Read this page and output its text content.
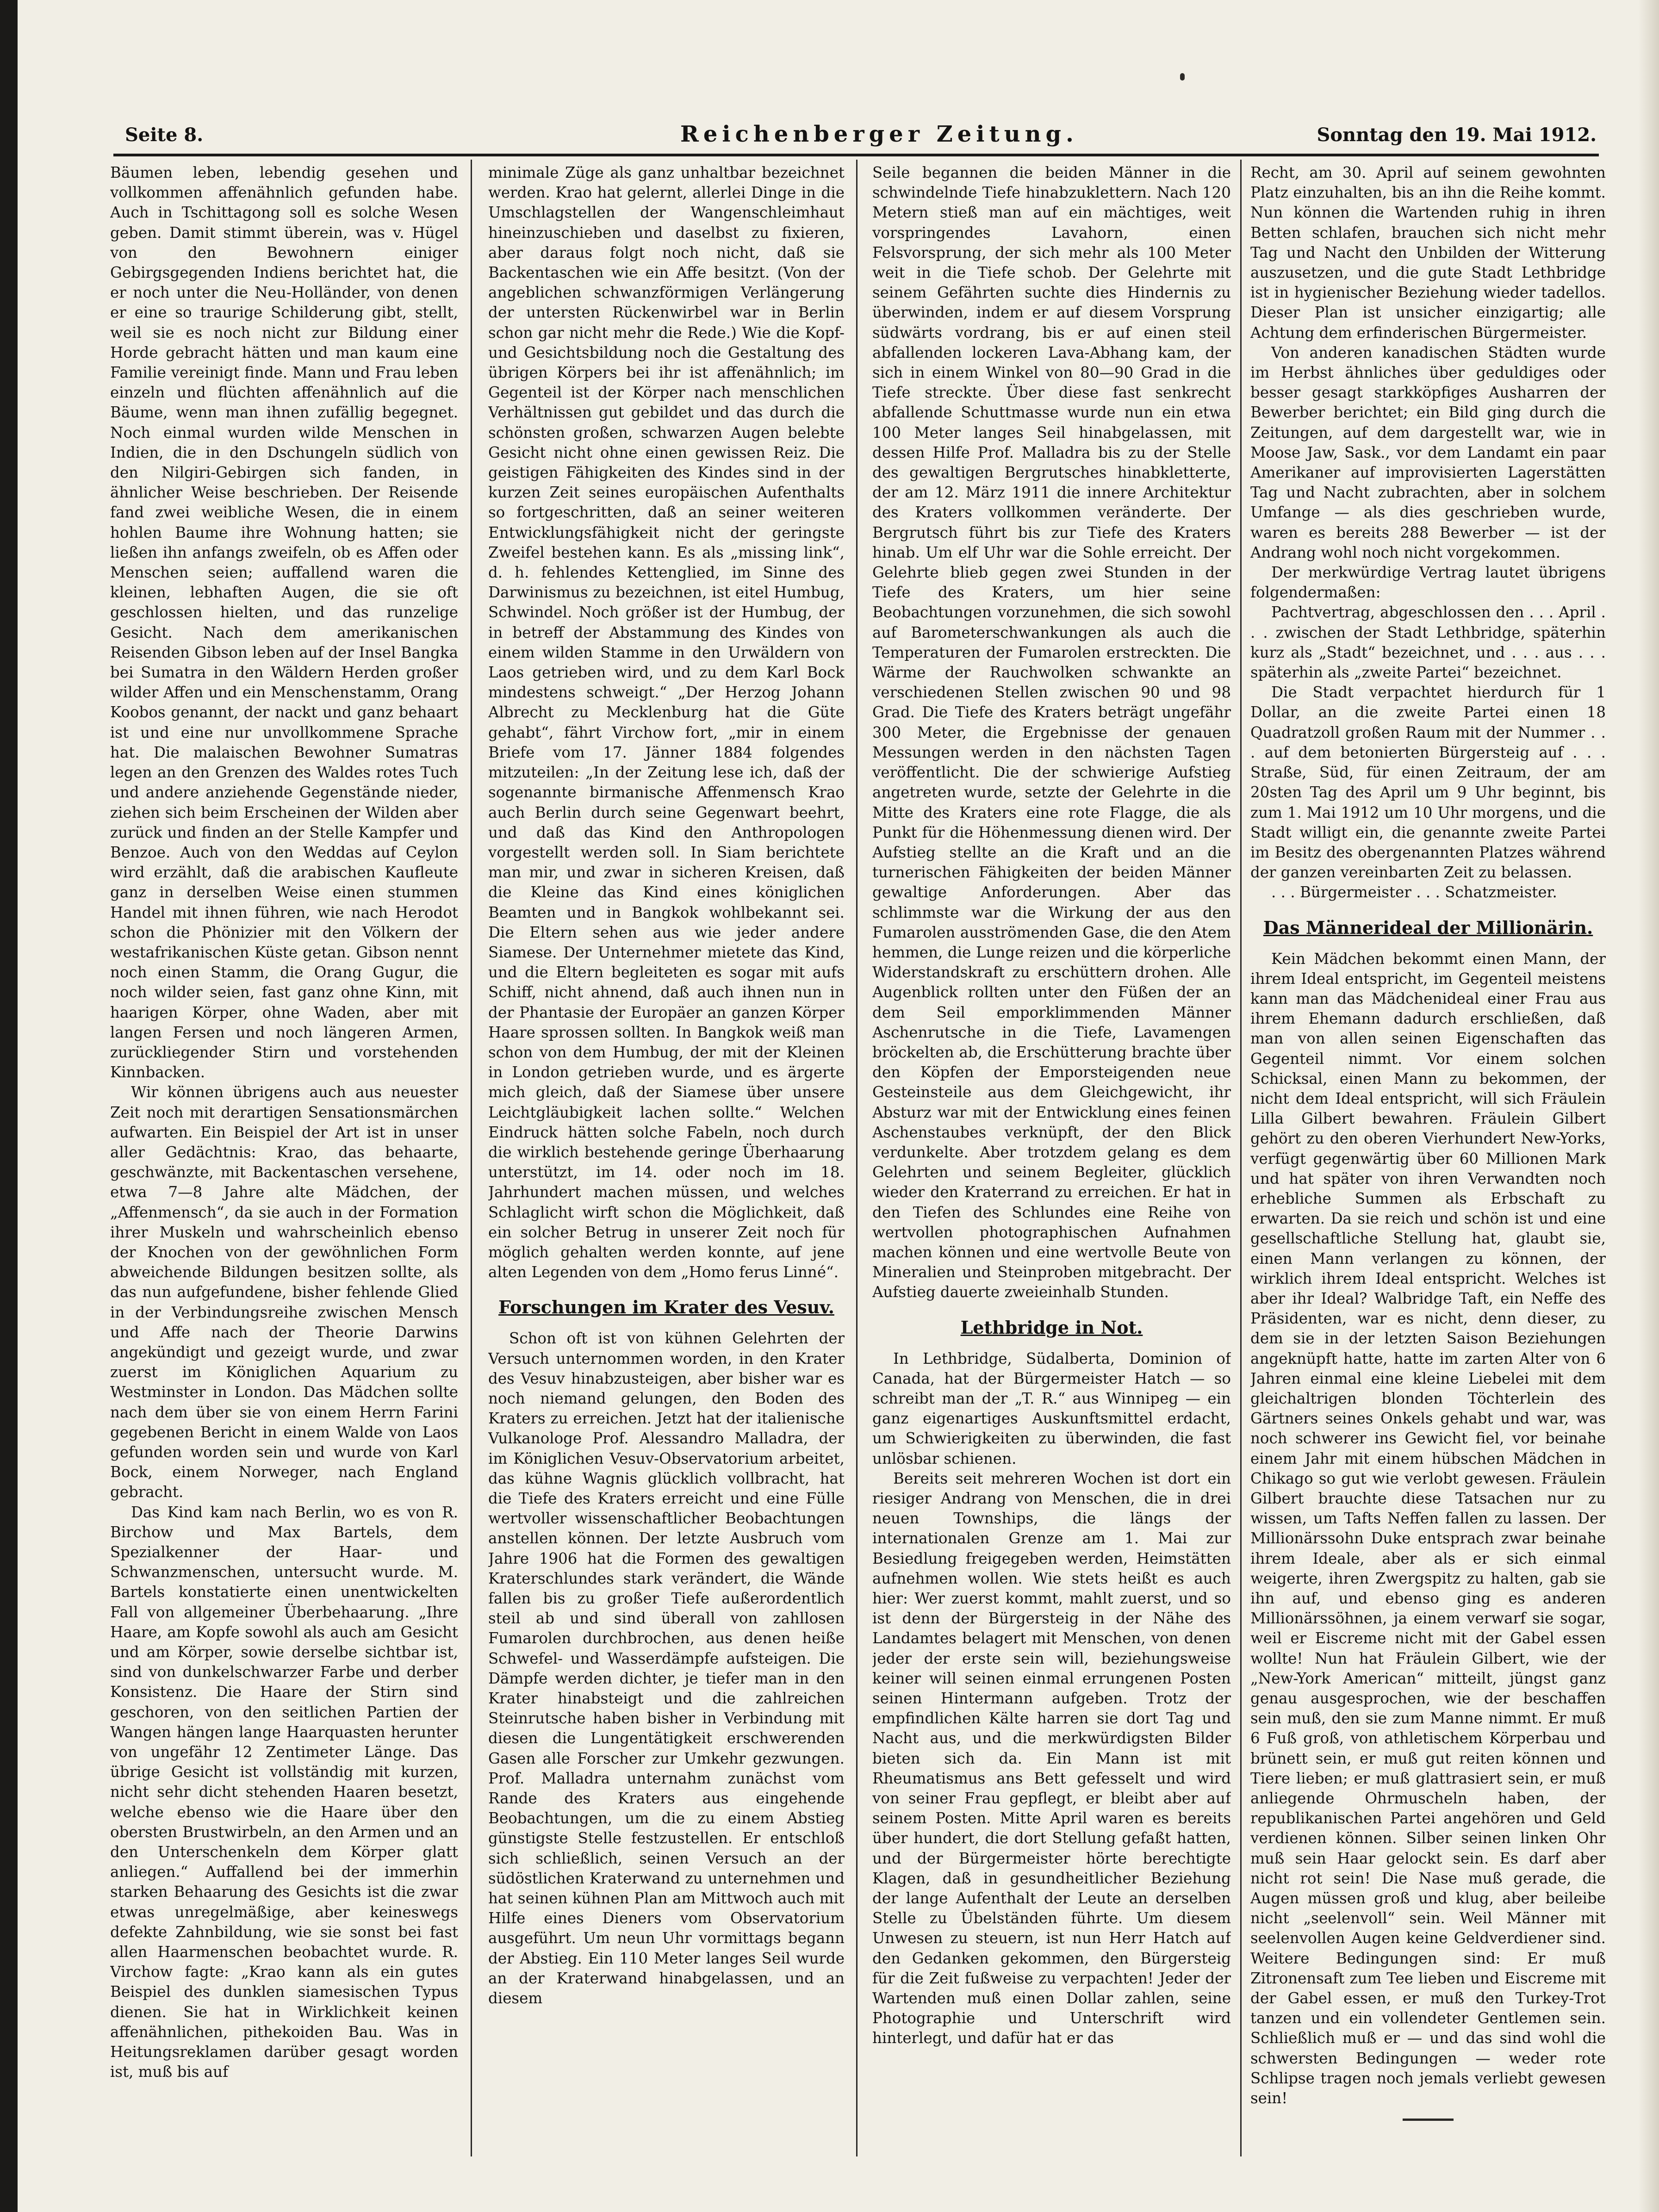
Seite 8.	Reichenberger Zeitung.	Sonntag den 19. Mai 1912.

Bäumen leben, lebendig gesehen und vollkommen affenähnlich gefunden habe. Auch in Tschittagong soll es solche Wesen geben. Damit stimmt überein, was v. Hügel von den Bewohnern einiger Gebirgsgegenden Indiens berichtet hat, die er noch unter die Neu-Holländer, von denen er eine so traurige Schilderung gibt, stellt, weil sie es noch nicht zur Bildung einer Horde gebracht hätten und man kaum eine Familie vereinigt finde. Mann und Frau leben einzeln und flüchten affenähnlich auf die Bäume, wenn man ihnen zufällig begegnet. Noch einmal wurden wilde Menschen in Indien, die in den Dschungeln südlich von den Nilgiri-Gebirgen sich fanden, in ähnlicher Weise beschrieben. Der Reisende fand zwei weibliche Wesen, die in einem hohlen Baume ihre Wohnung hatten; sie ließen ihn anfangs zweifeln, ob es Affen oder Menschen seien; auffallend waren die kleinen, lebhaften Augen, die sie oft geschlossen hielten, und das runzelige Gesicht. Nach dem amerikanischen Reisenden Gibson leben auf der Insel Bangka bei Sumatra in den Wäldern Herden großer wilder Affen und ein Menschenstamm, Orang Koobos genannt, der nackt und ganz behaart ist und eine nur unvollkommene Sprache hat. Die malaischen Bewohner Sumatras legen an den Grenzen des Waldes rotes Tuch und andere anziehende Gegenstände nieder, ziehen sich beim Erscheinen der Wilden aber zurück und finden an der Stelle Kampfer und Benzoe. Auch von den Weddas auf Ceylon wird erzählt, daß die arabischen Kaufleute ganz in derselben Weise einen stummen Handel mit ihnen führen, wie nach Herodot schon die Phönizier mit den Völkern der westafrikanischen Küste getan. Gibson nennt noch einen Stamm, die Orang Gugur, die noch wilder seien, fast ganz ohne Kinn, mit haarigen Körper, ohne Waden, aber mit langen Fersen und noch längeren Armen, zurückliegender Stirn und vorstehenden Kinnbacken.

Wir können übrigens auch aus neuester Zeit noch mit derartigen Sensationsmärchen aufwarten. Ein Beispiel der Art ist in unser aller Gedächtnis: Krao, das behaarte, geschwänzte, mit Backentaschen versehene, etwa 7—8 Jahre alte Mädchen, der „Affenmensch“, da sie auch in der Formation ihrer Muskeln und wahrscheinlich ebenso der Knochen von der gewöhnlichen Form abweichende Bildungen besitzen sollte, als das nun aufgefundene, bisher fehlende Glied in der Verbindungsreihe zwischen Mensch und Affe nach der Theorie Darwins angekündigt und gezeigt wurde, und zwar zuerst im Königlichen Aquarium zu Westminster in London. Das Mädchen sollte nach dem über sie von einem Herrn Farini gegebenen Bericht in einem Walde von Laos gefunden worden sein und wurde von Karl Bock, einem Norweger, nach England gebracht.

Das Kind kam nach Berlin, wo es von R. Birchow und Max Bartels, dem Spezialkenner der Haar- und Schwanzmenschen, untersucht wurde. M. Bartels konstatierte einen unentwickelten Fall von allgemeiner Überbehaarung. „Ihre Haare, am Kopfe sowohl als auch am Gesicht und am Körper, sowie derselbe sichtbar ist, sind von dunkelschwarzer Farbe und derber Konsistenz. Die Haare der Stirn sind geschoren, von den seitlichen Partien der Wangen hängen lange Haarquasten herunter von ungefähr 12 Zentimeter Länge. Das übrige Gesicht ist vollständig mit kurzen, nicht sehr dicht stehenden Haaren besetzt, welche ebenso wie die Haare über den obersten Brustwirbeln, an den Armen und an den Unterschenkeln dem Körper glatt anliegen.“ Auffallend bei der immerhin starken Behaarung des Gesichts ist die zwar etwas unregelmäßige, aber keineswegs defekte Zahnbildung, wie sie sonst bei fast allen Haarmenschen beobachtet wurde. R. Virchow fagte: „Krao kann als ein gutes Beispiel des dunklen siamesischen Typus dienen. Sie hat in Wirklichkeit keinen affenähnlichen, pithekoiden Bau. Was in Heitungsreklamen darüber gesagt worden ist, muß bis auf

minimale Züge als ganz unhaltbar bezeichnet werden. Krao hat gelernt, allerlei Dinge in die Umschlagstellen der Wangenschleimhaut hineinzuschieben und daselbst zu fixieren, aber daraus folgt noch nicht, daß sie Backentaschen wie ein Affe besitzt. (Von der angeblichen schwanzförmigen Verlängerung der untersten Rückenwirbel war in Berlin schon gar nicht mehr die Rede.) Wie die Kopf- und Gesichtsbildung noch die Gestaltung des übrigen Körpers bei ihr ist affenähnlich; im Gegenteil ist der Körper nach menschlichen Verhältnissen gut gebildet und das durch die schönsten großen, schwarzen Augen belebte Gesicht nicht ohne einen gewissen Reiz. Die geistigen Fähigkeiten des Kindes sind in der kurzen Zeit seines europäischen Aufenthalts so fortgeschritten, daß an seiner weiteren Entwicklungsfähigkeit nicht der geringste Zweifel bestehen kann. Es als „missing link“, d. h. fehlendes Kettenglied, im Sinne des Darwinismus zu bezeichnen, ist eitel Humbug, Schwindel. Noch größer ist der Humbug, der in betreff der Abstammung des Kindes von einem wilden Stamme in den Urwäldern von Laos getrieben wird, und zu dem Karl Bock mindestens schweigt.“ „Der Herzog Johann Albrecht zu Mecklenburg hat die Güte gehabt“, fährt Virchow fort, „mir in einem Briefe vom 17. Jänner 1884 folgendes mitzuteilen: „In der Zeitung lese ich, daß der sogenannte birmanische Affenmensch Krao auch Berlin durch seine Gegenwart beehrt, und daß das Kind den Anthropologen vorgestellt werden soll. In Siam berichtete man mir, und zwar in sicheren Kreisen, daß die Kleine das Kind eines königlichen Beamten und in Bangkok wohlbekannt sei. Die Eltern sehen aus wie jeder andere Siamese. Der Unternehmer mietete das Kind, und die Eltern begleiteten es sogar mit aufs Schiff, nicht ahnend, daß auch ihnen nun in der Phantasie der Europäer an ganzen Körper Haare sprossen sollten. In Bangkok weiß man schon von dem Humbug, der mit der Kleinen in London getrieben wurde, und es ärgerte mich gleich, daß der Siamese über unsere Leichtgläubigkeit lachen sollte.“ Welchen Eindruck hätten solche Fabeln, noch durch die wirklich bestehende geringe Überhaarung unterstützt, im 14. oder noch im 18. Jahrhundert machen müssen, und welches Schlaglicht wirft schon die Möglichkeit, daß ein solcher Betrug in unserer Zeit noch für möglich gehalten werden konnte, auf jene alten Legenden von dem „Homo ferus Linné“.

Forschungen im Krater des Vesuv.

Schon oft ist von kühnen Gelehrten der Versuch unternommen worden, in den Krater des Vesuv hinabzusteigen, aber bisher war es noch niemand gelungen, den Boden des Kraters zu erreichen. Jetzt hat der italienische Vulkanologe Prof. Alessandro Malladra, der im Königlichen Vesuv-Observatorium arbeitet, das kühne Wagnis glücklich vollbracht, hat die Tiefe des Kraters erreicht und eine Fülle wertvoller wissenschaftlicher Beobachtungen anstellen können. Der letzte Ausbruch vom Jahre 1906 hat die Formen des gewaltigen Kraterschlundes stark verändert, die Wände fallen bis zu großer Tiefe außerordentlich steil ab und sind überall von zahllosen Fumarolen durchbrochen, aus denen heiße Schwefel- und Wasserdämpfe aufsteigen. Die Dämpfe werden dichter, je tiefer man in den Krater hinabsteigt und die zahlreichen Steinrutsche haben bisher in Verbindung mit diesen die Lungentätigkeit erschwerenden Gasen alle Forscher zur Umkehr gezwungen. Prof. Malladra unternahm zunächst vom Rande des Kraters aus eingehende Beobachtungen, um die zu einem Abstieg günstigste Stelle festzustellen. Er entschloß sich schließlich, seinen Versuch an der südöstlichen Kraterwand zu unternehmen und hat seinen kühnen Plan am Mittwoch auch mit Hilfe eines Dieners vom Observatorium ausgeführt. Um neun Uhr vormittags begann der Abstieg. Ein 110 Meter langes Seil wurde an der Kraterwand hinabgelassen, und an diesem

Seile begannen die beiden Männer in die schwindelnde Tiefe hinabzuklettern. Nach 120 Metern stieß man auf ein mächtiges, weit vorspringendes Lavahorn, einen Felsvorsprung, der sich mehr als 100 Meter weit in die Tiefe schob. Der Gelehrte mit seinem Gefährten suchte dies Hindernis zu überwinden, indem er auf diesem Vorsprung südwärts vordrang, bis er auf einen steil abfallenden lockeren Lava-Abhang kam, der sich in einem Winkel von 80—90 Grad in die Tiefe streckte. Über diese fast senkrecht abfallende Schuttmasse wurde nun ein etwa 100 Meter langes Seil hinabgelassen, mit dessen Hilfe Prof. Malladra bis zu der Stelle des gewaltigen Bergrutsches hinabkletterte, der am 12. März 1911 die innere Architektur des Kraters vollkommen veränderte. Der Bergrutsch führt bis zur Tiefe des Kraters hinab. Um elf Uhr war die Sohle erreicht. Der Gelehrte blieb gegen zwei Stunden in der Tiefe des Kraters, um hier seine Beobachtungen vorzunehmen, die sich sowohl auf Barometerschwankungen als auch die Temperaturen der Fumarolen erstreckten. Die Wärme der Rauchwolken schwankte an verschiedenen Stellen zwischen 90 und 98 Grad. Die Tiefe des Kraters beträgt ungefähr 300 Meter, die Ergebnisse der genauen Messungen werden in den nächsten Tagen veröffentlicht. Die der schwierige Aufstieg angetreten wurde, setzte der Gelehrte in die Mitte des Kraters eine rote Flagge, die als Punkt für die Höhenmessung dienen wird. Der Aufstieg stellte an die Kraft und an die turnerischen Fähigkeiten der beiden Männer gewaltige Anforderungen. Aber das schlimmste war die Wirkung der aus den Fumarolen ausströmenden Gase, die den Atem hemmen, die Lunge reizen und die körperliche Widerstandskraft zu erschüttern drohen. Alle Augenblick rollten unter den Füßen der an dem Seil emporklimmenden Männer Aschenrutsche in die Tiefe, Lavamengen bröckelten ab, die Erschütterung brachte über den Köpfen der Emporsteigenden neue Gesteinsteile aus dem Gleichgewicht, ihr Absturz war mit der Entwicklung eines feinen Aschenstaubes verknüpft, der den Blick verdunkelte. Aber trotzdem gelang es dem Gelehrten und seinem Begleiter, glücklich wieder den Kraterrand zu erreichen. Er hat in den Tiefen des Schlundes eine Reihe von wertvollen photographischen Aufnahmen machen können und eine wertvolle Beute von Mineralien und Steinproben mitgebracht. Der Aufstieg dauerte zweieinhalb Stunden.

Lethbridge in Not.

In Lethbridge, Südalberta, Dominion of Canada, hat der Bürgermeister Hatch — so schreibt man der „T. R.“ aus Winnipeg — ein ganz eigenartiges Auskunftsmittel erdacht, um Schwierigkeiten zu überwinden, die fast unlösbar schienen.

Bereits seit mehreren Wochen ist dort ein riesiger Andrang von Menschen, die in drei neuen Townships, die längs der internationalen Grenze am 1. Mai zur Besiedlung freigegeben werden, Heimstätten aufnehmen wollen. Wie stets heißt es auch hier: Wer zuerst kommt, mahlt zuerst, und so ist denn der Bürgersteig in der Nähe des Landamtes belagert mit Menschen, von denen jeder der erste sein will, beziehungsweise keiner will seinen einmal errungenen Posten seinen Hintermann aufgeben. Trotz der empfindlichen Kälte harren sie dort Tag und Nacht aus, und die merkwürdigsten Bilder bieten sich da. Ein Mann ist mit Rheumatismus ans Bett gefesselt und wird von seiner Frau gepflegt, er bleibt aber auf seinem Posten. Mitte April waren es bereits über hundert, die dort Stellung gefaßt hatten, und der Bürgermeister hörte berechtigte Klagen, daß in gesundheitlicher Beziehung der lange Aufenthalt der Leute an derselben Stelle zu Übelständen führte. Um diesem Unwesen zu steuern, ist nun Herr Hatch auf den Gedanken gekommen, den Bürgersteig für die Zeit fußweise zu verpachten! Jeder der Wartenden muß einen Dollar zahlen, seine Photographie und Unterschrift wird hinterlegt, und dafür hat er das

Recht, am 30. April auf seinem gewohnten Platz einzuhalten, bis an ihn die Reihe kommt. Nun können die Wartenden ruhig in ihren Betten schlafen, brauchen sich nicht mehr Tag und Nacht den Unbilden der Witterung auszusetzen, und die gute Stadt Lethbridge ist in hygienischer Beziehung wieder tadellos. Dieser Plan ist unsicher einzigartig; alle Achtung dem erfinderischen Bürgermeister.

Von anderen kanadischen Städten wurde im Herbst ähnliches über geduldiges oder besser gesagt starkköpfiges Ausharren der Bewerber berichtet; ein Bild ging durch die Zeitungen, auf dem dargestellt war, wie in Moose Jaw, Sask., vor dem Landamt ein paar Amerikaner auf improvisierten Lagerstätten Tag und Nacht zubrachten, aber in solchem Umfange — als dies geschrieben wurde, waren es bereits 288 Bewerber — ist der Andrang wohl noch nicht vorgekommen.

Der merkwürdige Vertrag lautet übrigens folgendermaßen:

Pachtvertrag, abgeschlossen den . . . April . . . zwischen der Stadt Lethbridge, späterhin kurz als „Stadt“ bezeichnet, und . . . aus . . . späterhin als „zweite Partei“ bezeichnet.

Die Stadt verpachtet hierdurch für 1 Dollar, an die zweite Partei einen 18 Quadratzoll großen Raum mit der Nummer . . . auf dem betonierten Bürgersteig auf . . . Straße, Süd, für einen Zeitraum, der am 20sten Tag des April um 9 Uhr beginnt, bis zum 1. Mai 1912 um 10 Uhr morgens, und die Stadt willigt ein, die genannte zweite Partei im Besitz des obergenannten Platzes während der ganzen vereinbarten Zeit zu belassen.

. . . Bürgermeister . . . Schatzmeister.

Das Männerideal der Millionärin.

Kein Mädchen bekommt einen Mann, der ihrem Ideal entspricht, im Gegenteil meistens kann man das Mädchenideal einer Frau aus ihrem Ehemann dadurch erschließen, daß man von allen seinen Eigenschaften das Gegenteil nimmt. Vor einem solchen Schicksal, einen Mann zu bekommen, der nicht dem Ideal entspricht, will sich Fräulein Lilla Gilbert bewahren. Fräulein Gilbert gehört zu den oberen Vierhundert New-Yorks, verfügt gegenwärtig über 60 Millionen Mark und hat später von ihren Verwandten noch erhebliche Summen als Erbschaft zu erwarten. Da sie reich und schön ist und eine gesellschaftliche Stellung hat, glaubt sie, einen Mann verlangen zu können, der wirklich ihrem Ideal entspricht. Welches ist aber ihr Ideal? Walbridge Taft, ein Neffe des Präsidenten, war es nicht, denn dieser, zu dem sie in der letzten Saison Beziehungen angeknüpft hatte, hatte im zarten Alter von 6 Jahren einmal eine kleine Liebelei mit dem gleichaltrigen blonden Töchterlein des Gärtners seines Onkels gehabt und war, was noch schwerer ins Gewicht fiel, vor beinahe einem Jahr mit einem hübschen Mädchen in Chikago so gut wie verlobt gewesen. Fräulein Gilbert brauchte diese Tatsachen nur zu wissen, um Tafts Neffen fallen zu lassen. Der Millionärssohn Duke entsprach zwar beinahe ihrem Ideale, aber als er sich einmal weigerte, ihren Zwergspitz zu halten, gab sie ihn auf, und ebenso ging es anderen Millionärssöhnen, ja einem verwarf sie sogar, weil er Eiscreme nicht mit der Gabel essen wollte! Nun hat Fräulein Gilbert, wie der „New-York American“ mitteilt, jüngst ganz genau ausgesprochen, wie der beschaffen sein muß, den sie zum Manne nimmt. Er muß 6 Fuß groß, von athletischem Körperbau und brünett sein, er muß gut reiten können und Tiere lieben; er muß glattrasiert sein, er muß anliegende Ohrmuscheln haben, der republikanischen Partei angehören und Geld verdienen können. Silber seinen linken Ohr muß sein Haar gelockt sein. Es darf aber nicht rot sein! Die Nase muß gerade, die Augen müssen groß und klug, aber beileibe nicht „seelenvoll“ sein. Weil Männer mit seelenvollen Augen keine Geldverdiener sind. Weitere Bedingungen sind: Er muß Zitronensaft zum Tee lieben und Eiscreme mit der Gabel essen, er muß den Turkey-Trot tanzen und ein vollendeter Gentlemen sein. Schließlich muß er — und das sind wohl die schwersten Bedingungen — weder rote Schlipse tragen noch jemals verliebt gewesen sein!
